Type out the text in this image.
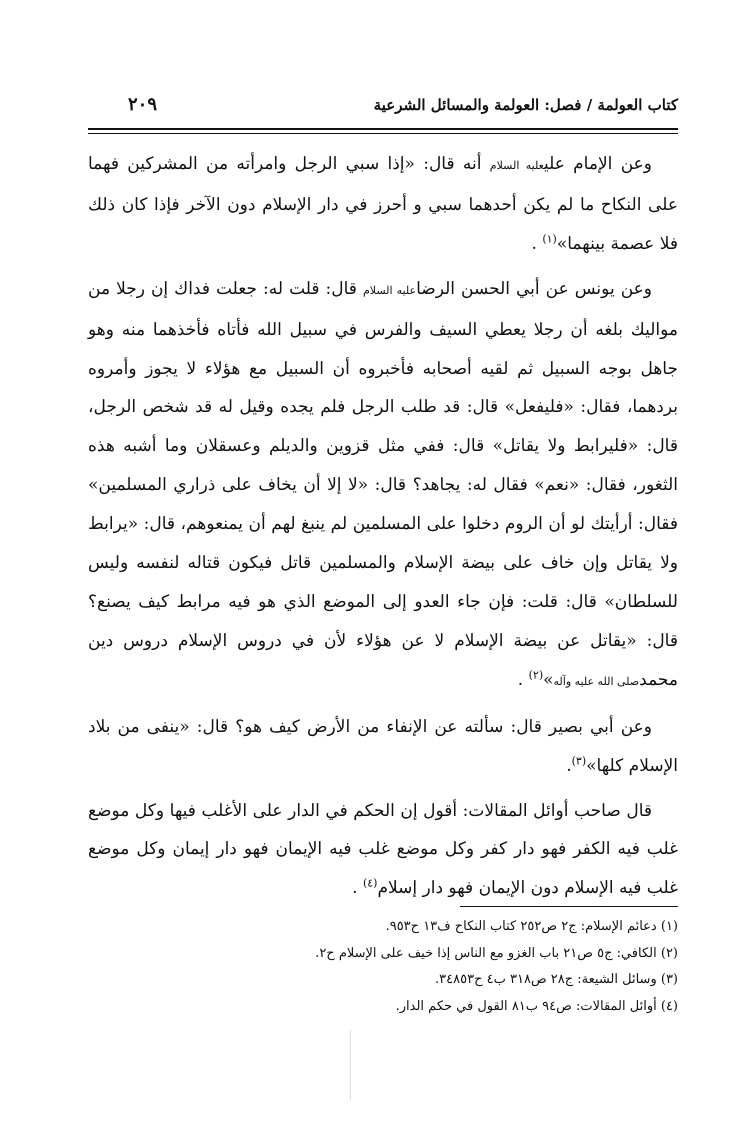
كتاب العولمة / فصل: العولمة والمسائل الشرعية
٢٠٩

وعن الإمام عليعليه السلام أنه قال: «إذا سبي الرجل وامرأته من المشركين فهما على النكاح ما لم يكن أحدهما سبي و أحرز في دار الإسلام دون الآخر فإذا كان ذلك فلا عصمة بينهما»$^{(١)}$ .

وعن يونس عن أبي الحسن الرضاعليه السلام قال: قلت له: جعلت فداك إن رجلا من مواليك بلغه أن رجلا يعطي السيف والفرس في سبيل الله فأتاه فأخذهما منه وهو جاهل بوجه السبيل ثم لقيه أصحابه فأخبروه أن السبيل مع هؤلاء لا يجوز وأمروه بردهما، فقال: «فليفعل» قال: قد طلب الرجل فلم يجده وقيل له قد شخص الرجل، قال: «فليرابط ولا يقاتل» قال: ففي مثل قزوين والديلم وعسقلان وما أشبه هذه الثغور، فقال: «نعم» فقال له: يجاهد؟ قال: «لا إلا أن يخاف على ذراري المسلمين» فقال: أرأيتك لو أن الروم دخلوا على المسلمين لم ينبغ لهم أن يمنعوهم، قال: «يرابط ولا يقاتل وإن خاف على بيضة الإسلام والمسلمين قاتل فيكون قتاله لنفسه وليس للسلطان» قال: قلت: فإن جاء العدو إلى الموضع الذي هو فيه مرابط كيف يصنع؟ قال: «يقاتل عن بيضة الإسلام لا عن هؤلاء لأن في دروس الإسلام دروس دين محمدصلى الله عليه وآله»$^{(٢)}$ .

وعن أبي بصير قال: سألته عن الإنفاء من الأرض كيف هو؟ قال: «ينفى من بلاد الإسلام كلها»$^{(٣)}$.

قال صاحب أوائل المقالات: أقول إن الحكم في الدار على الأغلب فيها وكل موضع غلب فيه الكفر فهو دار كفر وكل موضع غلب فيه الإيمان فهو دار إيمان وكل موضع غلب فيه الإسلام دون الإيمان فهو دار إسلام$^{(٤)}$ .

(١) دعائم الإسلام: ج٢ ص٢٥٢ كتاب النكاح ف١٣ ح٩٥٣.
(٢) الكافي: ج٥ ص٢١ باب الغزو مع الناس إذا خيف على الإسلام ح٢.
(٣) وسائل الشيعة: ج٢٨ ص٣١٨ ب٤ ح٣٤٨٥٣.
(٤) أوائل المقالات: ص٩٤ ب٨١ القول في حكم الدار.
